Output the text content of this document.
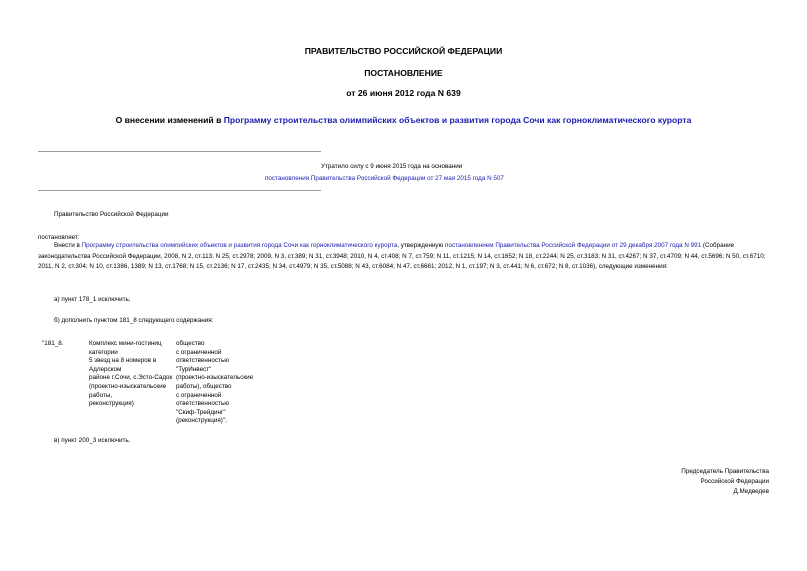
ПРАВИТЕЛЬСТВО РОССИЙСКОЙ ФЕДЕРАЦИИ
ПОСТАНОВЛЕНИЕ
от 26 июня 2012 года N 639
О внесении изменений в Программу строительства олимпийских объектов и развития города Сочи как горноклиматического курорта
Утратило силу с 9 июня 2015 года на основании
постановления Правительства Российской Федерации от 27 мая 2015 года N 507
Правительство Российской Федерации
постановляет:
Внести в Программу строительства олимпийских объектов и развития города Сочи как горноклиматического курорта, утвержденную постановлением Правительства Российской Федерации от 29 декабря 2007 года N 991 (Собрание законодательства Российской Федерации, 2008, N 2, ст.113; N 25, ст.2978; 2009, N 3, ст.389; N 31, ст.3948; 2010, N 4, ст.408; N 7, ст.759; N 11, ст.1215; N 14, ст.1652; N 18, ст.2244; N 25, ст.3183; N 31, ст.4267; N 37, ст.4709; N 44, ст.5696; N 50, ст.6710; 2011, N 2, ст.304; N 10, ст.1386, 1389; N 13, ст.1768; N 15, ст.2136; N 17, ст.2435; N 34, ст.4979; N 35, ст.5088; N 43, ст.6084; N 47, ст.6661; 2012, N 1, ст.197; N 3, ст.441; N 6, ст.672; N 8, ст.1036), следующие изменения:
а) пункт 178_1 исключить;
б) дополнить пунктом 181_8 следующего содержания:
"181_8.	Комплекс мини-гостиниц
категории
5 звезд на 8 номеров в
Адлерском
районе г.Сочи, с.Эсто-Садок
(проектно-изыскательские
работы,
реконструкция)
общество
с ограниченной
ответственностью
"ТурИнвест"
(проектно-изыскательские
работы), общество
с ограниченной
ответственностью
"Скиф-Трейдинг"
(реконструкция)";
в) пункт 200_3 исключить.
Председатель Правительства
Российской Федерации
Д.Медведев
